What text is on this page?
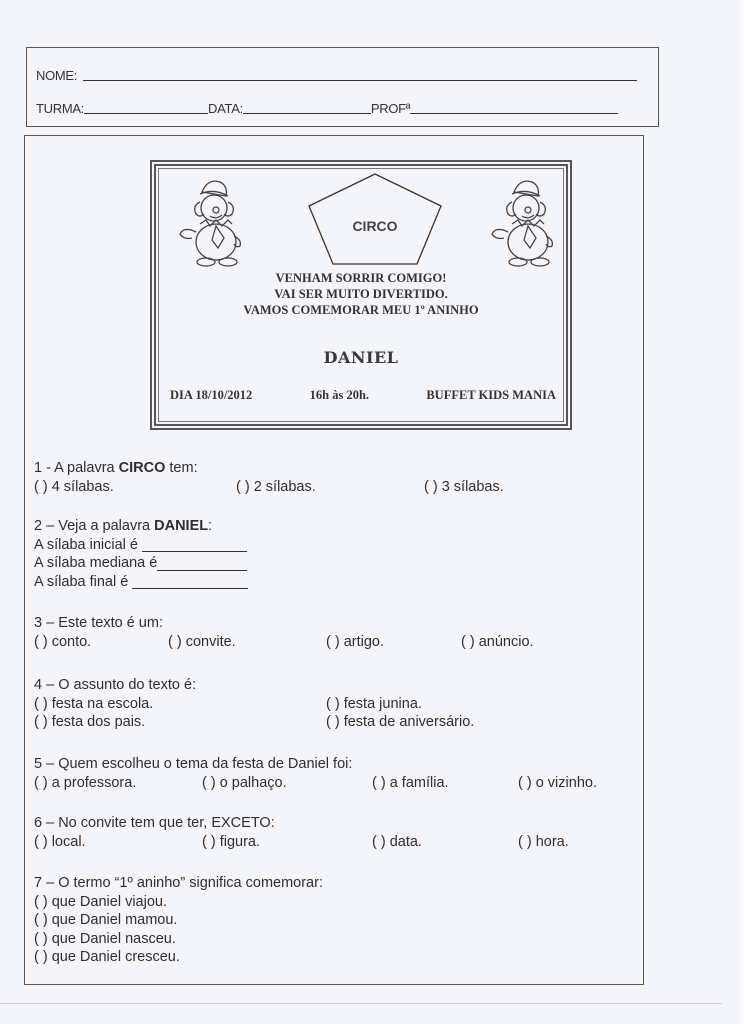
NOME:
TURMA:	DATA:	PROFª
CIRCO
VENHAM SORRIR COMIGO!
VAI SER MUITO DIVERTIDO.
VAMOS COMEMORAR MEU 1º ANINHO
DANIEL
DIA 18/10/2012	16h às 20h.	BUFFET KIDS MANIA
1 - A palavra CIRCO tem:
( ) 4 sílabas.	( ) 2 sílabas.	( ) 3 sílabas.
2 – Veja a palavra DANIEL:
A sílaba inicial é
A sílaba mediana é
A sílaba final é
3 – Este texto é um:
( ) conto.	( ) convite.	( ) artigo.	( ) anúncio.
4 – O assunto do texto é:
( ) festa na escola.	( ) festa junina.
( ) festa dos pais.	( ) festa de aniversário.
5 – Quem escolheu o tema da festa de Daniel foi:
( ) a professora.	( ) o palhaço.	( ) a família.	( ) o vizinho.
6 – No convite tem que ter, EXCETO:
( ) local.	( ) figura.	( ) data.	( ) hora.
7 – O termo “1º aninho” significa comemorar:
( ) que Daniel viajou.
( ) que Daniel mamou.
( ) que Daniel nasceu.
( ) que Daniel cresceu.
